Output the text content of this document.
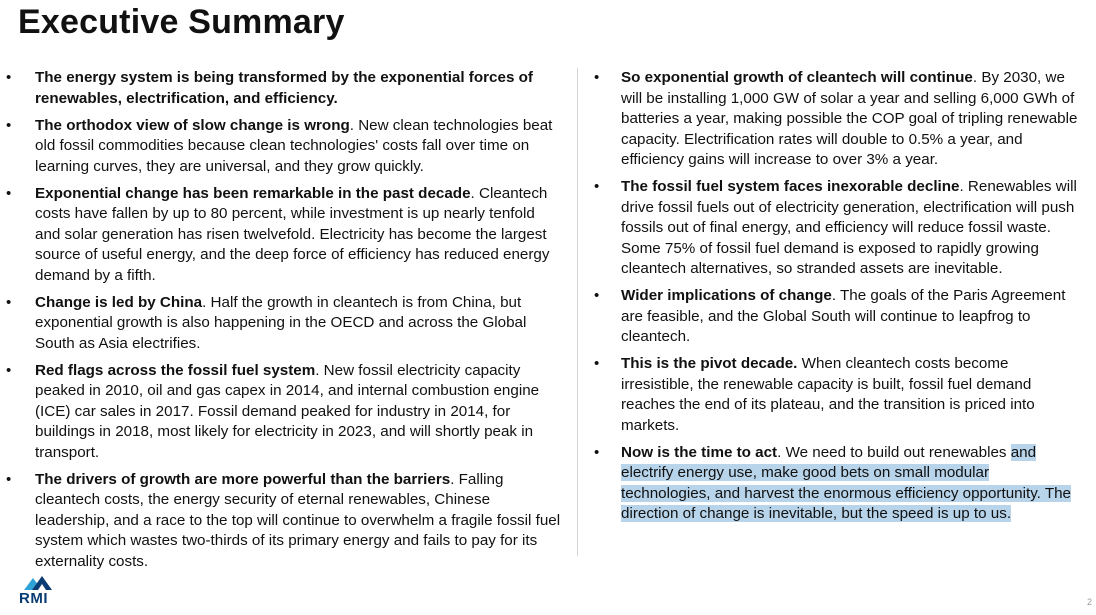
Executive Summary
• The energy system is being transformed by the exponential forces of renewables, electrification, and efficiency.
• The orthodox view of slow change is wrong. New clean technologies beat old fossil commodities because clean technologies' costs fall over time on learning curves, they are universal, and they grow quickly.
• Exponential change has been remarkable in the past decade. Cleantech costs have fallen by up to 80 percent, while investment is up nearly tenfold and solar generation has risen twelvefold. Electricity has become the largest source of useful energy, and the deep force of efficiency has reduced energy demand by a fifth.
• Change is led by China. Half the growth in cleantech is from China, but exponential growth is also happening in the OECD and across the Global South as Asia electrifies.
• Red flags across the fossil fuel system. New fossil electricity capacity peaked in 2010, oil and gas capex in 2014, and internal combustion engine (ICE) car sales in 2017. Fossil demand peaked for industry in 2014, for buildings in 2018, most likely for electricity in 2023, and will shortly peak in transport.
• The drivers of growth are more powerful than the barriers. Falling cleantech costs, the energy security of eternal renewables, Chinese leadership, and a race to the top will continue to overwhelm a fragile fossil fuel system which wastes two-thirds of its primary energy and fails to pay for its externality costs.
• So exponential growth of cleantech will continue. By 2030, we will be installing 1,000 GW of solar a year and selling 6,000 GWh of batteries a year, making possible the COP goal of tripling renewable capacity. Electrification rates will double to 0.5% a year, and efficiency gains will increase to over 3% a year.
• The fossil fuel system faces inexorable decline. Renewables will drive fossil fuels out of electricity generation, electrification will push fossils out of final energy, and efficiency will reduce fossil waste. Some 75% of fossil fuel demand is exposed to rapidly growing cleantech alternatives, so stranded assets are inevitable.
• Wider implications of change. The goals of the Paris Agreement are feasible, and the Global South will continue to leapfrog to cleantech.
• This is the pivot decade. When cleantech costs become irresistible, the renewable capacity is built, fossil fuel demand reaches the end of its plateau, and the transition is priced into markets.
• Now is the time to act. We need to build out renewables and electrify energy use, make good bets on small modular technologies, and harvest the enormous efficiency opportunity. The direction of change is inevitable, but the speed is up to us.
RMI	2
